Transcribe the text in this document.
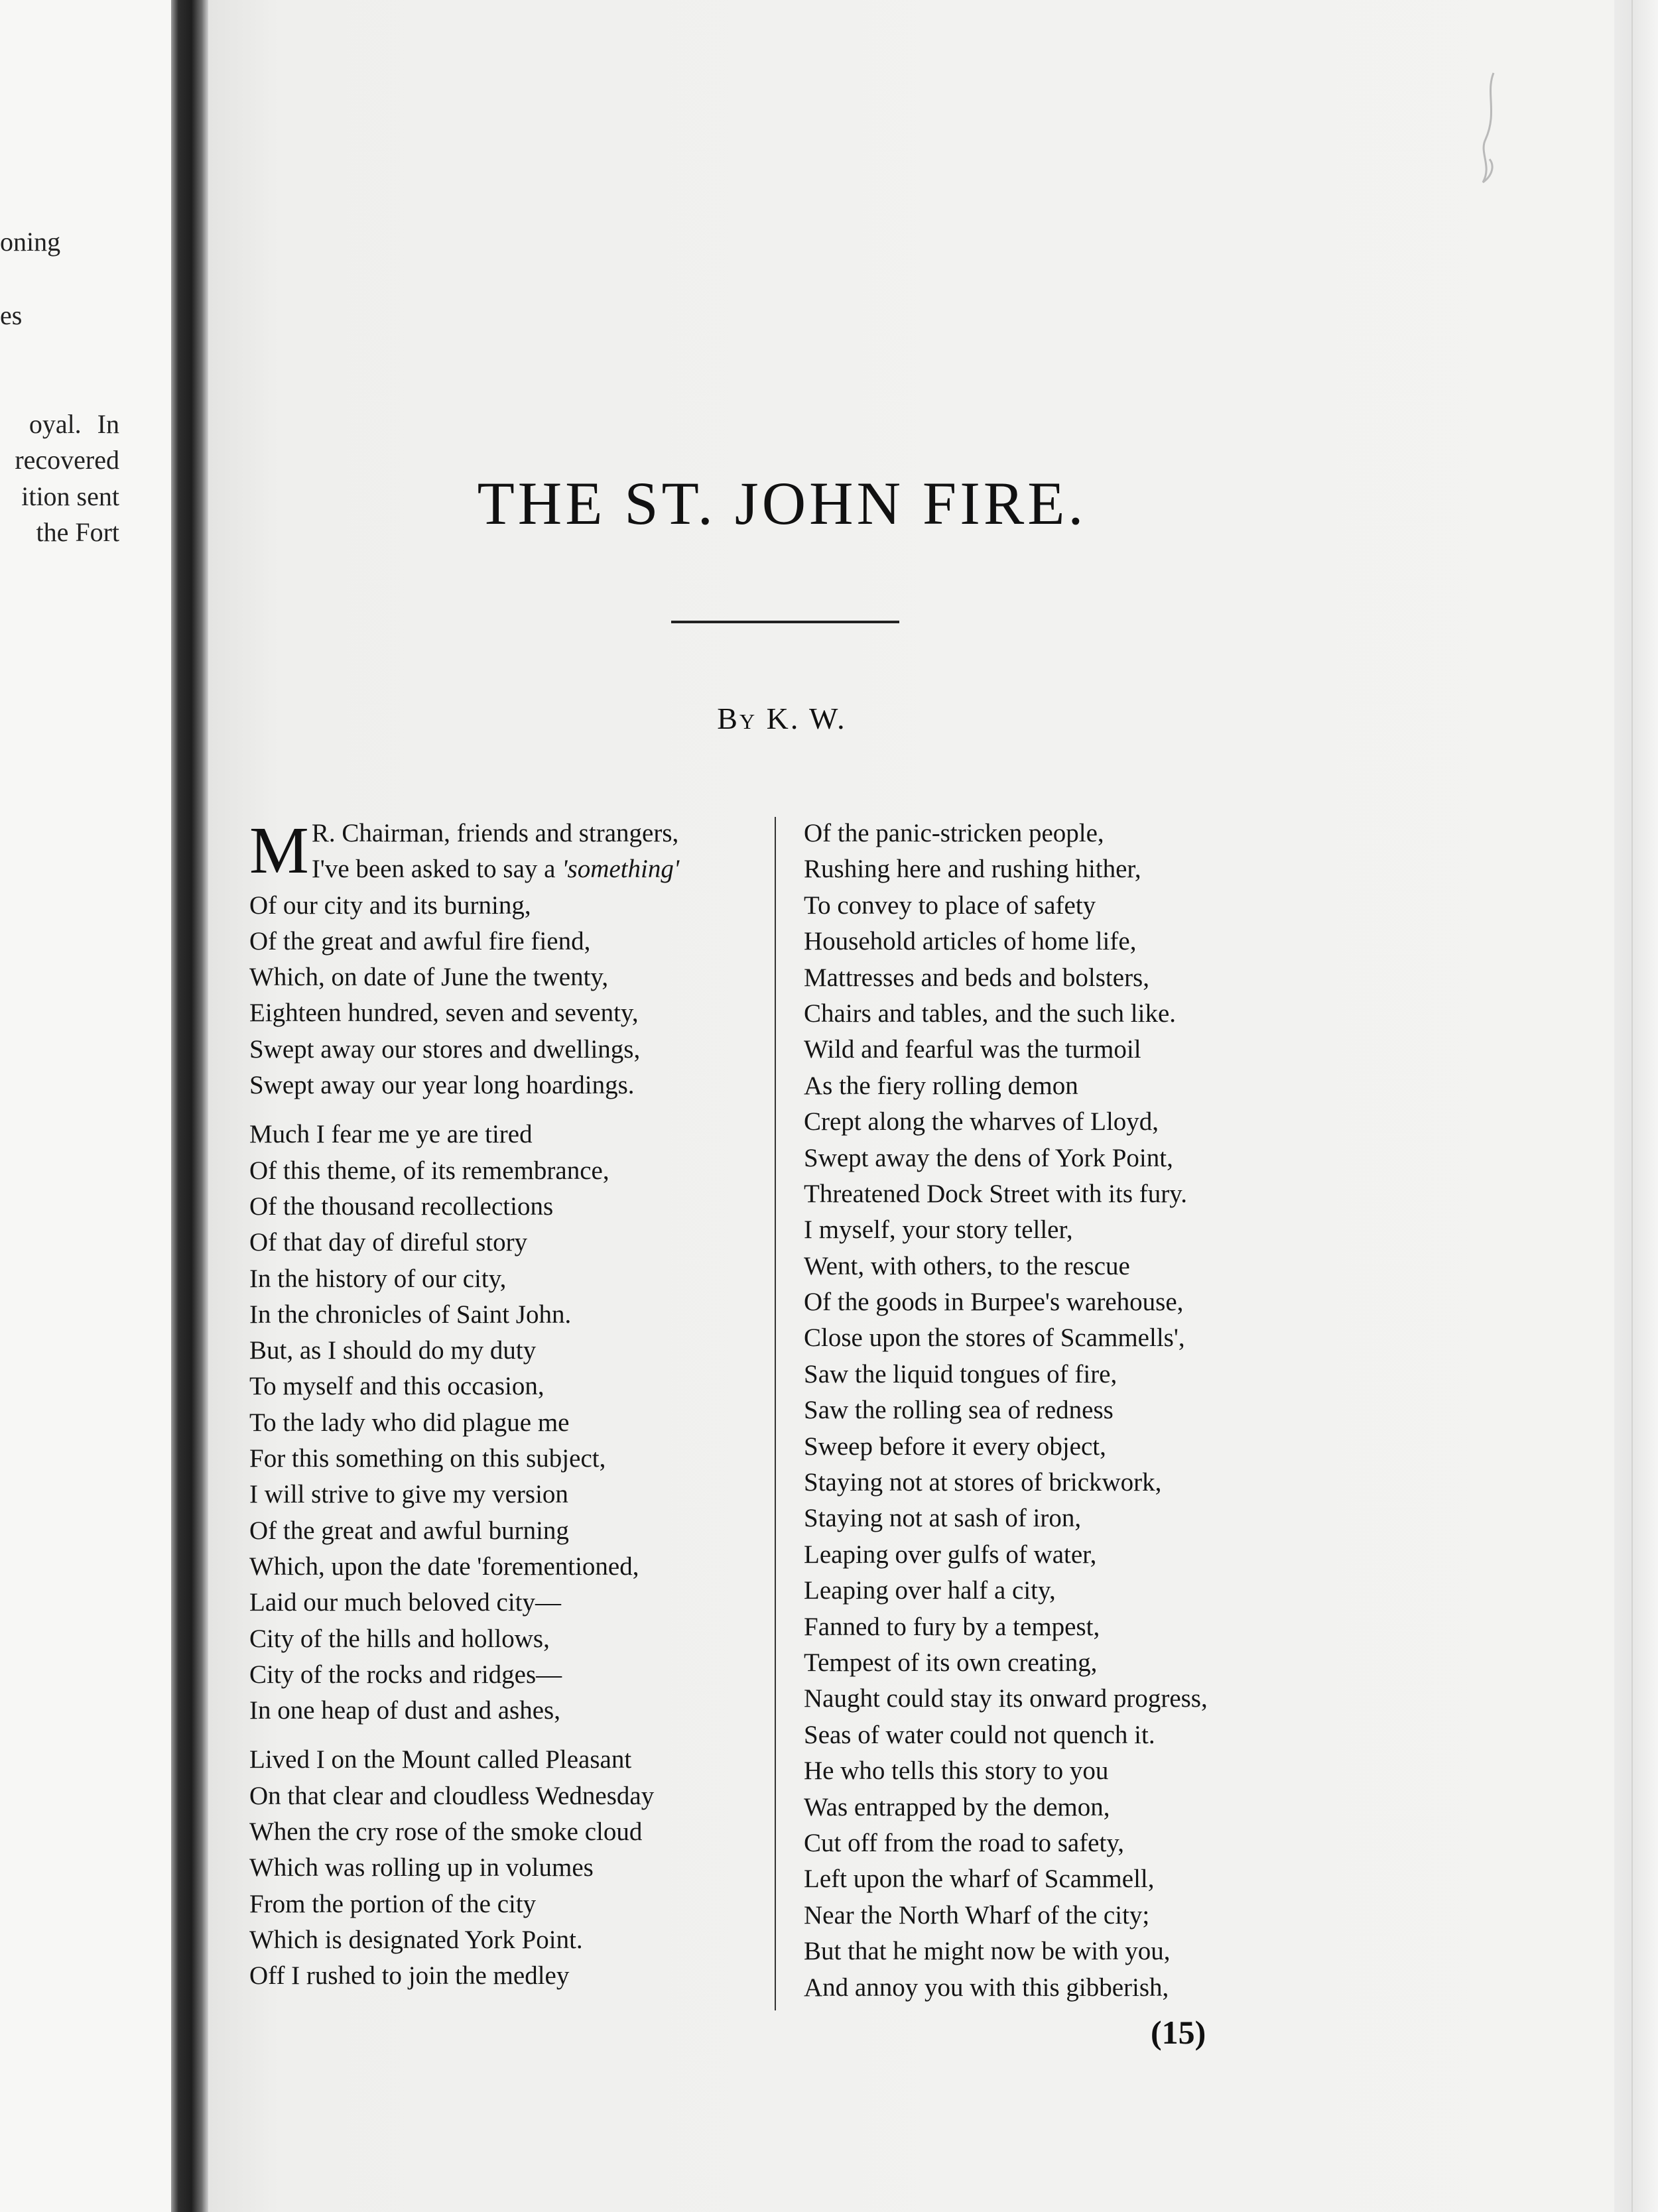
oning
es
oyal. In
recovered
ition sent
the Fort	THE ST. JOHN FIRE.
By K. W.
M R. Chairman, friends and strangers,
I've been asked to say a 'something'
Of our city and its burning,
Of the great and awful fire fiend,
Which, on date of June the twenty,
Eighteen hundred, seven and seventy,
Swept away our stores and dwellings,
Swept away our year long hoardings.
Much I fear me ye are tired
Of this theme, of its remembrance,
Of the thousand recollections
Of that day of direful story
In the history of our city,
In the chronicles of Saint John.
But, as I should do my duty
To myself and this occasion,
To the lady who did plague me
For this something on this subject,
I will strive to give my version
Of the great and awful burning
Which, upon the date 'forementioned,
Laid our much beloved city—
City of the hills and hollows,
City of the rocks and ridges—
In one heap of dust and ashes,
Lived I on the Mount called Pleasant
On that clear and cloudless Wednesday
When the cry rose of the smoke cloud
Which was rolling up in volumes
From the portion of the city
Which is designated York Point.
Off I rushed to join the medley
Of the panic-stricken people,
Rushing here and rushing hither,
To convey to place of safety
Household articles of home life,
Mattresses and beds and bolsters,
Chairs and tables, and the such like.
Wild and fearful was the turmoil
As the fiery rolling demon
Crept along the wharves of Lloyd,
Swept away the dens of York Point,
Threatened Dock Street with its fury.
I myself, your story teller,
Went, with others, to the rescue
Of the goods in Burpee's warehouse,
Close upon the stores of Scammells',
Saw the liquid tongues of fire,
Saw the rolling sea of redness
Sweep before it every object,
Staying not at stores of brickwork,
Staying not at sash of iron,
Leaping over gulfs of water,
Leaping over half a city,
Fanned to fury by a tempest,
Tempest of its own creating,
Naught could stay its onward progress,
Seas of water could not quench it.
He who tells this story to you
Was entrapped by the demon,
Cut off from the road to safety,
Left upon the wharf of Scammell,
Near the North Wharf of the city;
But that he might now be with you,
And annoy you with this gibberish,
(15)
